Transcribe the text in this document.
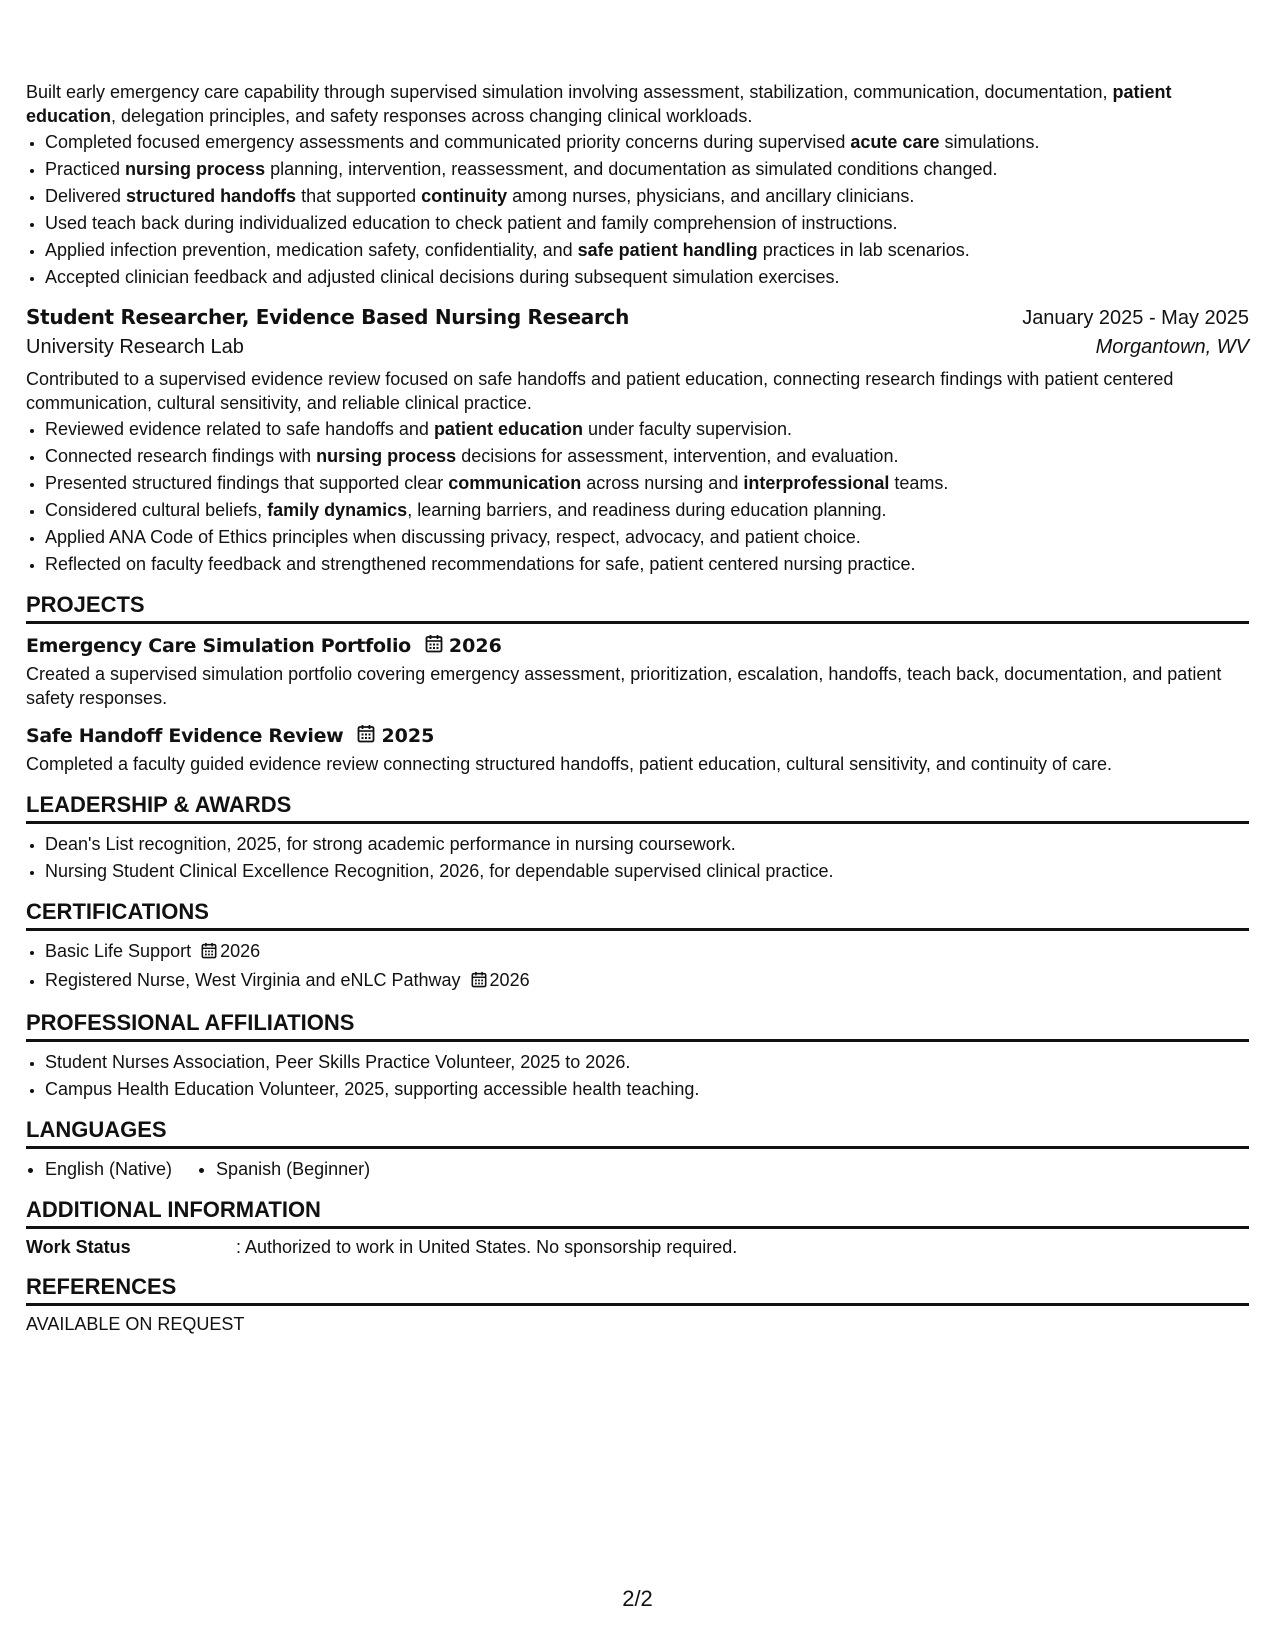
Built early emergency care capability through supervised simulation involving assessment, stabilization, communication, documentation, patient education, delegation principles, and safety responses across changing clinical workloads.

• Completed focused emergency assessments and communicated priority concerns during supervised acute care simulations.
• Practiced nursing process planning, intervention, reassessment, and documentation as simulated conditions changed.
• Delivered structured handoffs that supported continuity among nurses, physicians, and ancillary clinicians.
• Used teach back during individualized education to check patient and family comprehension of instructions.
• Applied infection prevention, medication safety, confidentiality, and safe patient handling practices in lab scenarios.
• Accepted clinician feedback and adjusted clinical decisions during subsequent simulation exercises.
Student Researcher, Evidence Based Nursing Research	January 2025 - May 2025
University Research Lab	Morgantown, WV

Contributed to a supervised evidence review focused on safe handoffs and patient education, connecting research findings with patient centered communication, cultural sensitivity, and reliable clinical practice.

• Reviewed evidence related to safe handoffs and patient education under faculty supervision.
• Connected research findings with nursing process decisions for assessment, intervention, and evaluation.
• Presented structured findings that supported clear communication across nursing and interprofessional teams.
• Considered cultural beliefs, family dynamics, learning barriers, and readiness during education planning.
• Applied ANA Code of Ethics principles when discussing privacy, respect, advocacy, and patient choice.
• Reflected on faculty feedback and strengthened recommendations for safe, patient centered nursing practice.
PROJECTS
Emergency Care Simulation Portfolio 2026

Created a supervised simulation portfolio covering emergency assessment, prioritization, escalation, handoffs, teach back, documentation, and patient safety responses.

Safe Handoff Evidence Review 2025

Completed a faculty guided evidence review connecting structured handoffs, patient education, cultural sensitivity, and continuity of care.

LEADERSHIP & AWARDS
• Dean's List recognition, 2025, for strong academic performance in nursing coursework.
• Nursing Student Clinical Excellence Recognition, 2026, for dependable supervised clinical practice.
CERTIFICATIONS
• Basic Life Support 2026
• Registered Nurse, West Virginia and eNLC Pathway 2026
PROFESSIONAL AFFILIATIONS
• Student Nurses Association, Peer Skills Practice Volunteer, 2025 to 2026.
• Campus Health Education Volunteer, 2025, supporting accessible health teaching.
LANGUAGES
English (Native) Spanish (Beginner)
ADDITIONAL INFORMATION
Work Status	: Authorized to work in United States. No sponsorship required.
REFERENCES
AVAILABLE ON REQUEST
2/2
